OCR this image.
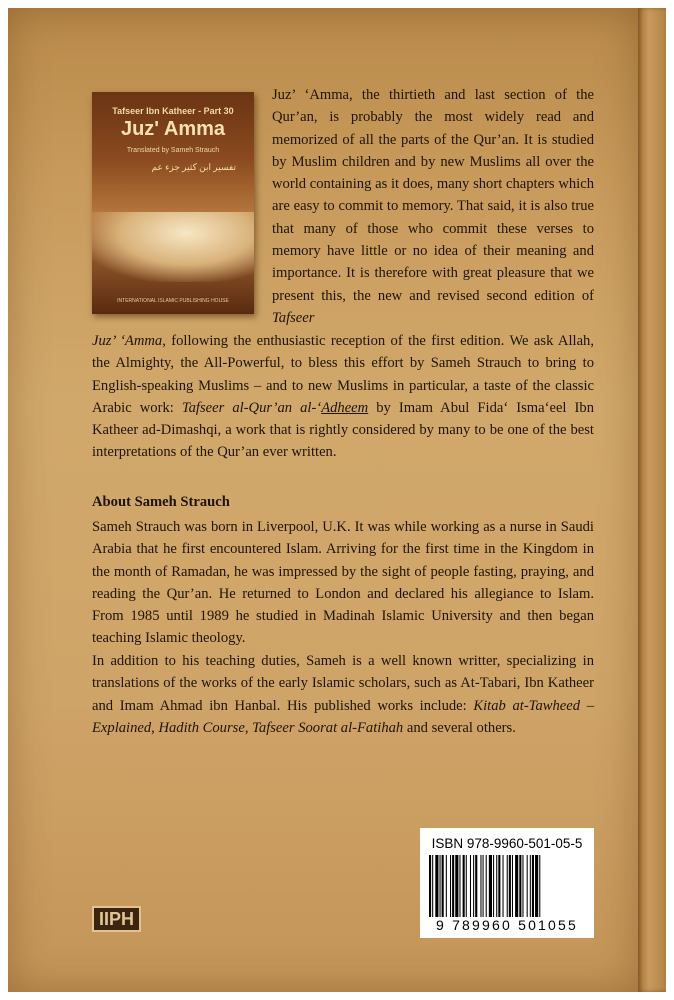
Tafseer Ibn Katheer - Part 30
Juz' Amma
Translated by Sameh Strauch
تفسير ابن كثير جزء عم
INTERNATIONAL ISLAMIC PUBLISHING HOUSE

Juz’ ‘Amma, the thirtieth and last section of the Qur’an, is probably the most widely read and memorized of all the parts of the Qur’an. It is studied by Muslim children and by new Muslims all over the world containing as it does, many short chapters which are easy to commit to memory. That said, it is also true that many of those who commit these verses to memory have little or no idea of their meaning and importance. It is therefore with great pleasure that we present this, the new and revised second edition of Tafseer

Juz’ ‘Amma, following the enthusiastic reception of the first edition. We ask Allah, the Almighty, the All-Powerful, to bless this effort by Sameh Strauch to bring to English-speaking Muslims – and to new Muslims in particular, a taste of the classic Arabic work: Tafseer al-Qur’an al-‘Adheem by Imam Abul Fida‘ Isma‘eel Ibn Katheer ad-Dimashqi, a work that is rightly considered by many to be one of the best interpretations of the Qur’an ever written.

About Sameh Strauch

Sameh Strauch was born in Liverpool, U.K. It was while working as a nurse in Saudi Arabia that he first encountered Islam. Arriving for the first time in the Kingdom in the month of Ramadan, he was impressed by the sight of people fasting, praying, and reading the Qur’an. He returned to London and declared his allegiance to Islam. From 1985 until 1989 he studied in Madinah Islamic University and then began teaching Islamic theology.

In addition to his teaching duties, Sameh is a well known writter, specializing in translations of the works of the early Islamic scholars, such as At-Tabari, Ibn Katheer and Imam Ahmad ibn Hanbal. His published works include: Kitab at-Tawheed – Explained, Hadith Course, Tafseer Soorat al-Fatihah and several others.

ISBN 978-9960-501-05-5
9 789960 501055
IIPH
